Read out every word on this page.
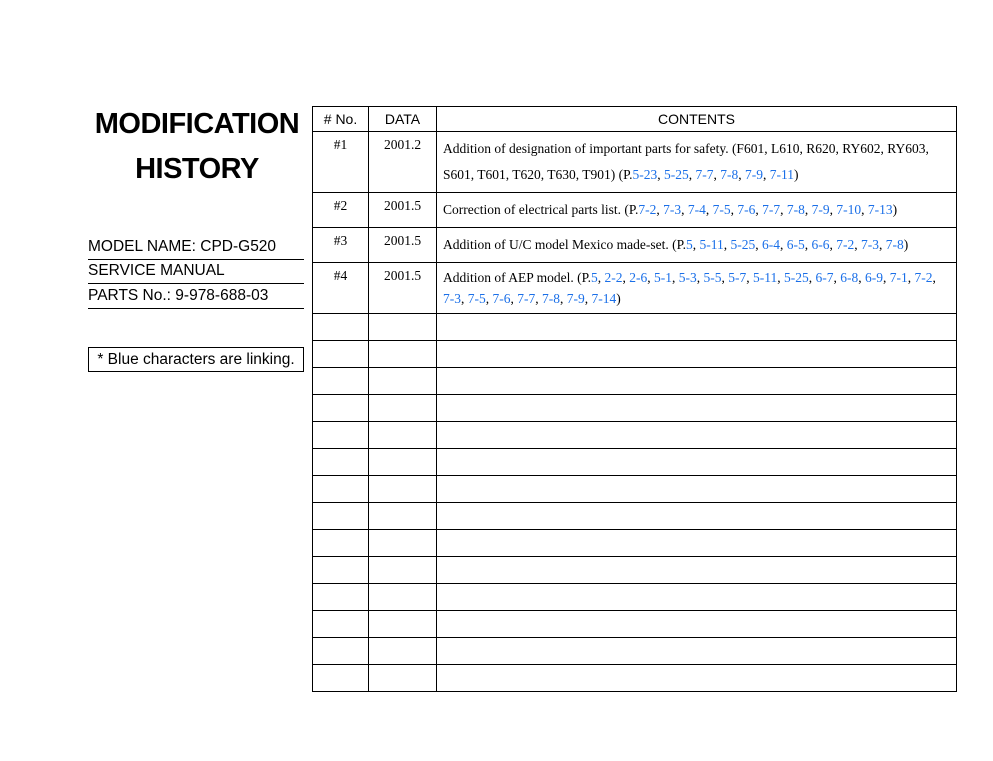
MODIFICATION
HISTORY
MODEL NAME: CPD-G520
SERVICE MANUAL
PARTS No.: 9-978-688-03
* Blue characters are linking.
# No.	DATA	CONTENTS
#1	2001.2	Addition of designation of important parts for safety. (F601, L610, R620, RY602, RY603, S601, T601, T620, T630, T901) (P.5-23, 5-25, 7-7, 7-8, 7-9, 7-11)
#2	2001.5	Correction of electrical parts list. (P.7-2, 7-3, 7-4, 7-5, 7-6, 7-7, 7-8, 7-9, 7-10, 7-13)
#3	2001.5	Addition of U/C model Mexico made-set. (P.5, 5-11, 5-25, 6-4, 6-5, 6-6, 7-2, 7-3, 7-8)
#4	2001.5	Addition of AEP model. (P.5, 2-2, 2-6, 5-1, 5-3, 5-5, 5-7, 5-11, 5-25, 6-7, 6-8, 6-9, 7-1, 7-2, 7-3, 7-5, 7-6, 7-7, 7-8, 7-9, 7-14)
